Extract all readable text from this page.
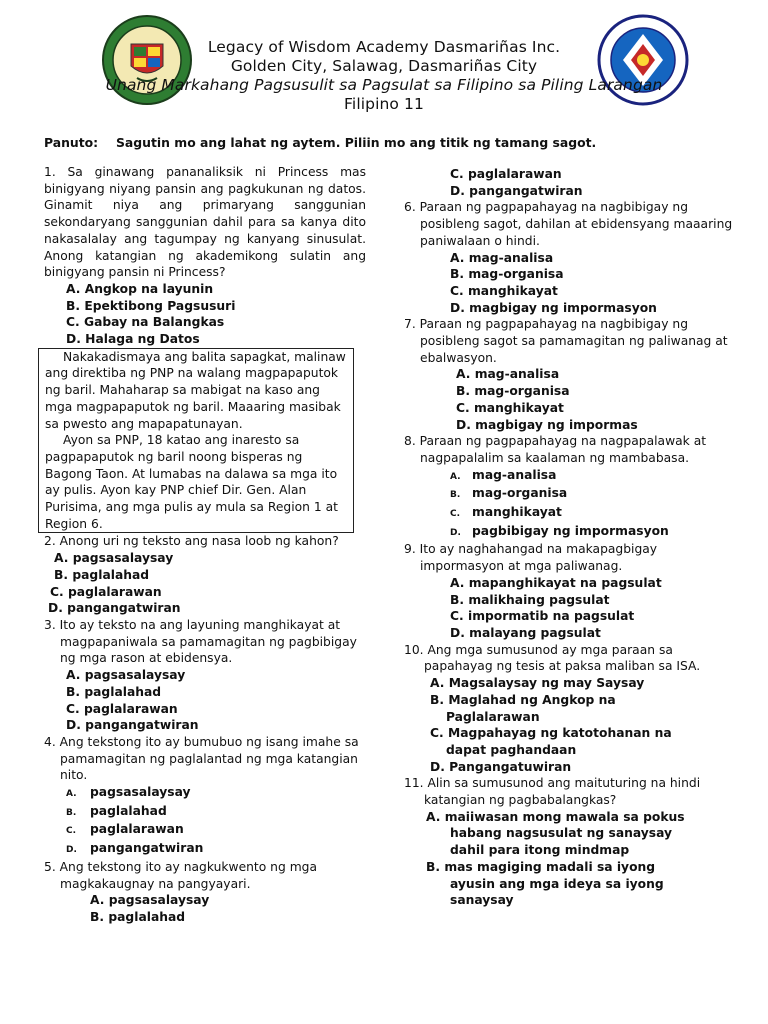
Legacy of Wisdom Academy Dasmariñas Inc.
Golden City, Salawag, Dasmariñas City
Unang Markahang Pagsusulit sa Pagsulat sa Filipino sa Piling Larangan
Filipino 11
Panuto: Sagutin mo ang lahat ng aytem. Piliin mo ang titik ng tamang sagot.
1. Sa ginawang pananaliksik ni Princess mas binigyang niyang pansin ang pagkukunan ng datos. Ginamit niya ang primaryang sanggunian sekondaryang sanggunian dahil para sa kanya dito nakasalalay ang tagumpay ng kanyang sinusulat. Anong katangian ng akademikong sulatin ang binigyang pansin ni Princess?
A. Angkop na layunin
B. Epektibong Pagsusuri
C. Gabay na Balangkas
D. Halaga ng Datos
Nakakadismaya ang balita sapagkat, malinaw ang direktiba ng PNP na walang magpapaputok ng baril. Mahaharap sa mabigat na kaso ang mga magpapaputok ng baril. Maaaring masibak sa pwesto ang mapapatunayan.
Ayon sa PNP, 18 katao ang inaresto sa pagpapaputok ng baril noong bisperas ng Bagong Taon. At lumabas na dalawa sa mga ito ay pulis. Ayon kay PNP chief Dir. Gen. Alan Purisima, ang mga pulis ay mula sa Region 1 at Region 6.
2. Anong uri ng teksto ang nasa loob ng kahon?
A. pagsasalaysay
B. paglalahad
C. paglalarawan
D. pangangatwiran
3. Ito ay teksto na ang layuning manghikayat at magpapaniwala sa pamamagitan ng pagbibigay ng mga rason at ebidensya.
A. pagsasalaysay
B. paglalahad
C. paglalarawan
D. pangangatwiran
4. Ang tekstong ito ay bumubuo ng isang imahe sa pamamagitan ng paglalantad ng mga katangian nito.
A. pagsasalaysay
B. paglalahad
C. paglalarawan
D. pangangatwiran
5. Ang tekstong ito ay nagkukwento ng mga magkakaugnay na pangyayari.
A. pagsasalaysay
B. paglalahad
C. paglalarawan
D. pangangatwiran
6. Paraan ng pagpapahayag na nagbibigay ng posibleng sagot, dahilan at ebidensyang maaaring paniwalaan o hindi.
A. mag-analisa
B. mag-organisa
C. manghikayat
D. magbigay ng impormasyon
7. Paraan ng pagpapahayag na nagbibigay ng posibleng sagot sa pamamagitan ng paliwanag at ebalwasyon.
A. mag-analisa
B. mag-organisa
C. manghikayat
D. magbigay ng impormas
8. Paraan ng pagpapahayag na nagpapalawak at nagpapalalim sa kaalaman ng mambabasa.
A. mag-analisa
B. mag-organisa
C. manghikayat
D. pagbibigay ng impormasyon
9. Ito ay naghahangad na makapagbigay impormasyon at mga paliwanag.
A. mapanghikayat na pagsulat
B. malikhaing pagsulat
C. impormatib na pagsulat
D. malayang pagsulat
10. Ang mga sumusunod ay mga paraan sa papahayag ng tesis at paksa maliban sa ISA.
A. Magsalaysay ng may Saysay
B. Maglahad ng Angkop na
Paglalarawan
C. Magpahayag ng katotohanan na
dapat paghandaan
D. Pangangatuwiran
11. Alin sa sumusunod ang maituturing na hindi katangian ng pagbabalangkas?
A. maiiwasan mong mawala sa pokus
habang nagsusulat ng sanaysay
dahil para itong mindmap
B. mas magiging madali sa iyong
ayusin ang mga ideya sa iyong
sanaysay
